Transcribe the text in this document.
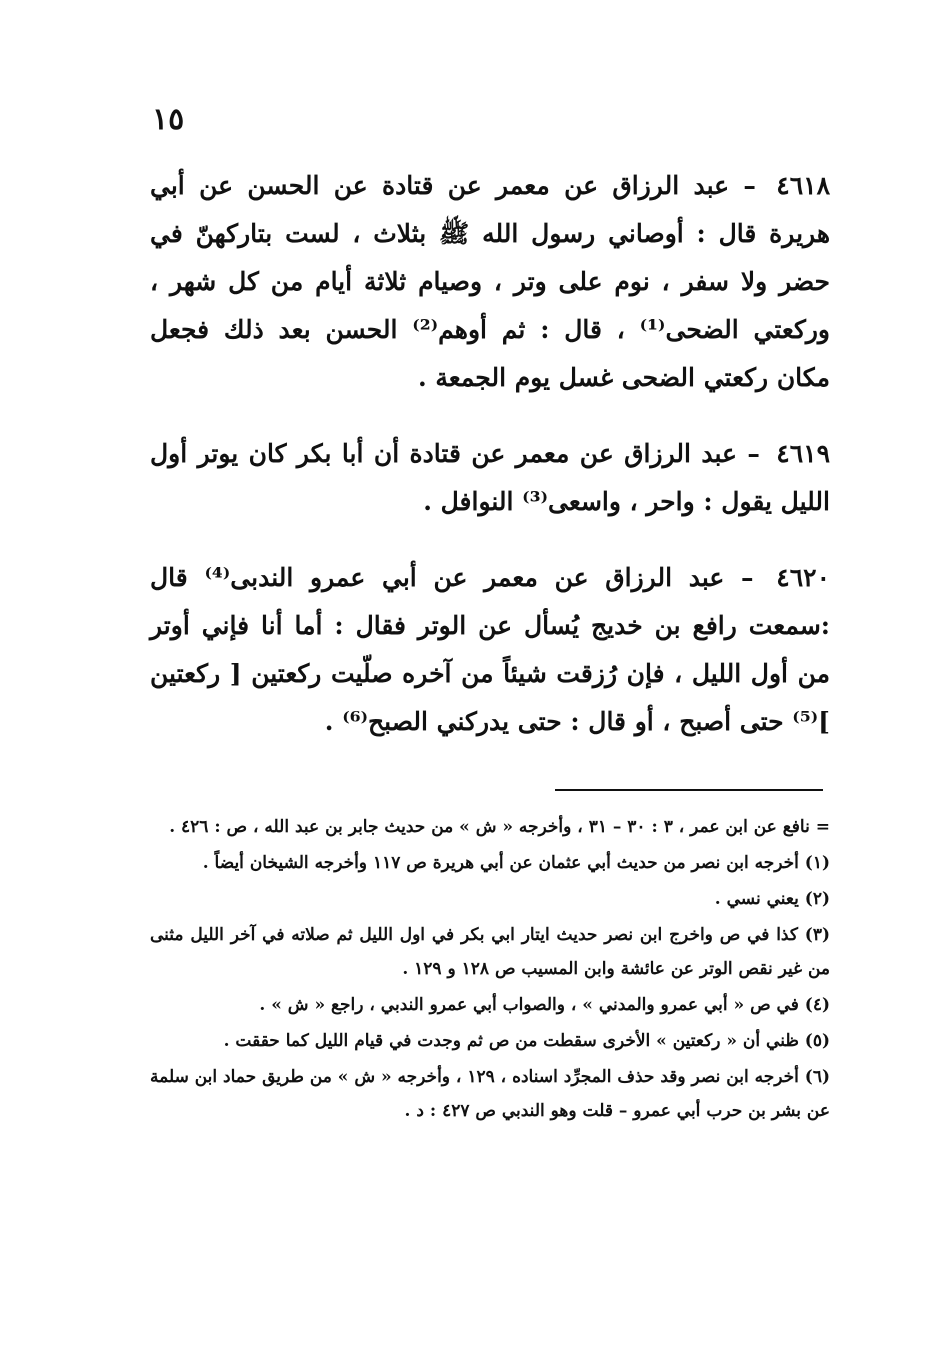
١٥

٤٦١٨ – عبد الرزاق عن معمر عن قتادة عن الحسن عن أبي هريرة قال : أوصاني رسول الله ﷺ بثلاث ، لست بتاركهنّ في حضر ولا سفر ، نوم على وتر ، وصيام ثلاثة أيام من كل شهر ، وركعتي الضحى⁽¹⁾ ، قال : ثم أوهم⁽²⁾ الحسن بعد ذلك فجعل مكان ركعتي الضحى غسل يوم الجمعة .

٤٦١٩ – عبد الرزاق عن معمر عن قتادة أن أبا بكر كان يوتر أول الليل يقول : واحر ، واسعى⁽³⁾ النوافل .

٤٦٢٠ – عبد الرزاق عن معمر عن أبي عمرو الندبى⁽⁴⁾ قال :سمعت رافع بن خديج يُسأل عن الوتر فقال : أما أنا فإني أوتر من أول الليل ، فإن رُزقت شيئاً من آخره صلّيت ركعتين [ ركعتين ]⁽⁵⁾ حتى أصبح ، أو قال : حتى يدركني الصبح⁽⁶⁾ .

= نافع عن ابن عمر ، ٣ : ٣٠ – ٣١ ، وأخرجه « ش » من حديث جابر بن عبد الله ، ص : ٤٢٦ .

(١) أخرجه ابن نصر من حديث أبي عثمان عن أبي هريرة ص ١١٧ وأخرجه الشيخان أيضاً .

(٢) يعني نسي .

(٣) كذا في ص واخرج ابن نصر حديث ايتار ابي بكر في اول الليل ثم صلاته في آخر الليل مثنى من غير نقص الوتر عن عائشة وابن المسيب ص ١٢٨ و ١٢٩ .

(٤) في ص « أبي عمرو والمدني » ، والصواب أبي عمرو الندبي ، راجع « ش » .

(٥) ظني أن « ركعتين » الأخرى سقطت من ص ثم وجدت في قيام الليل كما حققت .

(٦) أخرجه ابن نصر وقد حذف المجرِّد اسناده ، ١٢٩ ، وأخرجه « ش » من طريق حماد ابن سلمة عن بشر بن حرب أبي عمرو – قلت وهو الندبي ص ٤٢٧ : د .
